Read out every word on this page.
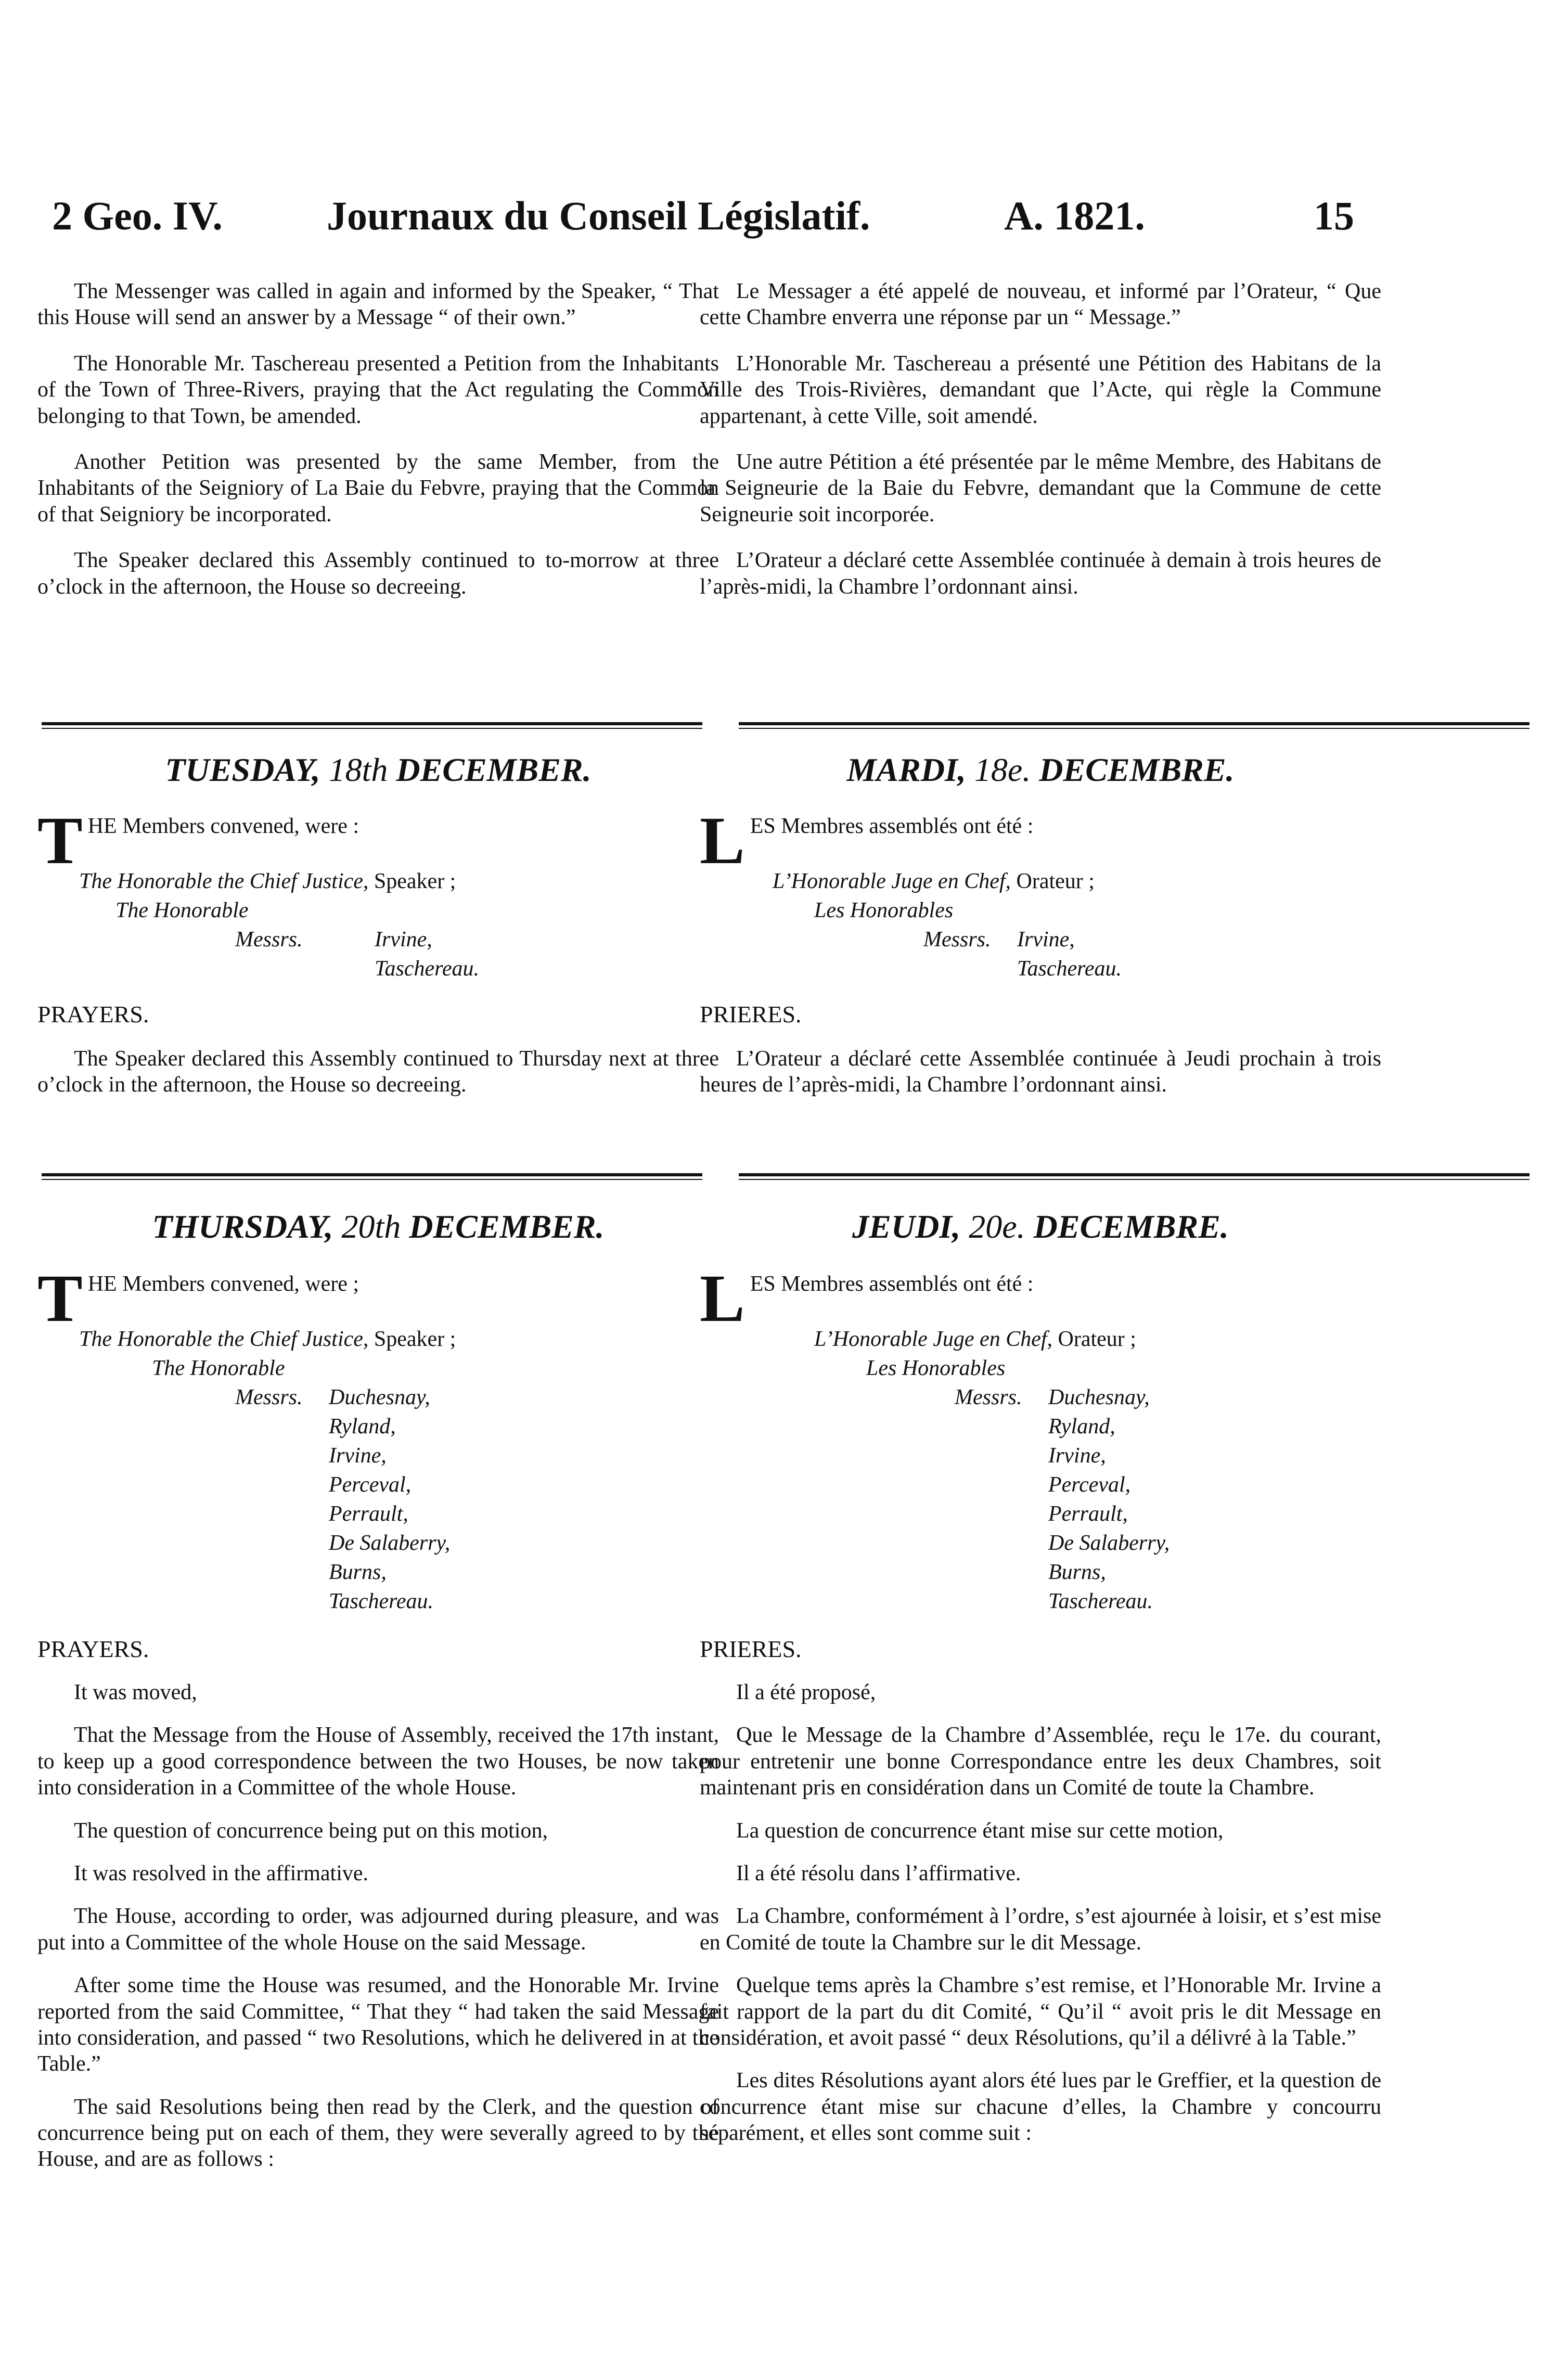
2 Geo. IV.	Journaux du Conseil Législatif.	A. 1821.	15

The Messenger was called in again and informed by the Speaker, “ That this House will send an answer by a Message “ of their own.”

The Honorable Mr. Taschereau presented a Petition from the Inhabitants of the Town of Three-Rivers, praying that the Act regulating the Common belonging to that Town, be amended.

Another Petition was presented by the same Member, from the Inhabitants of the Seigniory of La Baie du Febvre, praying that the Common of that Seigniory be incorporated.

The Speaker declared this Assembly continued to to-morrow at three o’clock in the afternoon, the House so decreeing.

Le Messager a été appelé de nouveau, et informé par l’Orateur, “ Que cette Chambre enverra une réponse par un “ Message.”

L’Honorable Mr. Taschereau a présenté une Pétition des Habitans de la Ville des Trois-Rivières, demandant que l’Acte, qui règle la Commune appartenant, à cette Ville, soit amendé.

Une autre Pétition a été présentée par le même Membre, des Habitans de la Seigneurie de la Baie du Febvre, demandant que la Commune de cette Seigneurie soit incorporée.

L’Orateur a déclaré cette Assemblée continuée à demain à trois heures de l’après-midi, la Chambre l’ordonnant ainsi.

TUESDAY, 18th DECEMBER.	MARDI, 18e. DECEMBRE.
T HE Members convened, were :
The Honorable the Chief Justice, Speaker ;
The Honorable
Messrs.	Irvine,
Taschereau.
PRAYERS.

The Speaker declared this Assembly continued to Thursday next at three o’clock in the afternoon, the House so decreeing.

L ES Membres assemblés ont été :
L’Honorable Juge en Chef, Orateur ;
Les Honorables
Messrs. Irvine,
Taschereau.
PRIERES.

L’Orateur a déclaré cette Assemblée continuée à Jeudi prochain à trois heures de l’après-midi, la Chambre l’ordonnant ainsi.

THURSDAY, 20th DECEMBER.	JEUDI, 20e. DECEMBRE.
T HE Members convened, were ;
The Honorable the Chief Justice, Speaker ;
The Honorable
Messrs. Duchesnay,
Ryland,
Irvine,
Perceval,
Perrault,
De Salaberry,
Burns,
Taschereau.
L ES Membres assemblés ont été :
L’Honorable Juge en Chef, Orateur ;
Les Honorables
Messrs. Duchesnay,
Ryland,
Irvine,
Perceval,
Perrault,
De Salaberry,
Burns,
Taschereau.
PRAYERS.

It was moved,

That the Message from the House of Assembly, received the 17th instant, to keep up a good correspondence between the two Houses, be now taken into consideration in a Committee of the whole House.

The question of concurrence being put on this motion,

It was resolved in the affirmative.

The House, according to order, was adjourned during pleasure, and was put into a Committee of the whole House on the said Message.

After some time the House was resumed, and the Honorable Mr. Irvine reported from the said Committee, “ That they “ had taken the said Message into consideration, and passed “ two Resolutions, which he delivered in at the Table.”

The said Resolutions being then read by the Clerk, and the question of concurrence being put on each of them, they were severally agreed to by the House, and are as follows :

PRIERES.

Il a été proposé,

Que le Message de la Chambre d’Assemblée, reçu le 17e. du courant, pour entretenir une bonne Correspondance entre les deux Chambres, soit maintenant pris en considération dans un Comité de toute la Chambre.

La question de concurrence étant mise sur cette motion,

Il a été résolu dans l’affirmative.

La Chambre, conformément à l’ordre, s’est ajournée à loisir, et s’est mise en Comité de toute la Chambre sur le dit Message.

Quelque tems après la Chambre s’est remise, et l’Honorable Mr. Irvine a fait rapport de la part du dit Comité, “ Qu’il “ avoit pris le dit Message en considération, et avoit passé “ deux Résolutions, qu’il a délivré à la Table.”

Les dites Résolutions ayant alors été lues par le Greffier, et la question de concurrence étant mise sur chacune d’elles, la Chambre y concourru séparément, et elles sont comme suit :
